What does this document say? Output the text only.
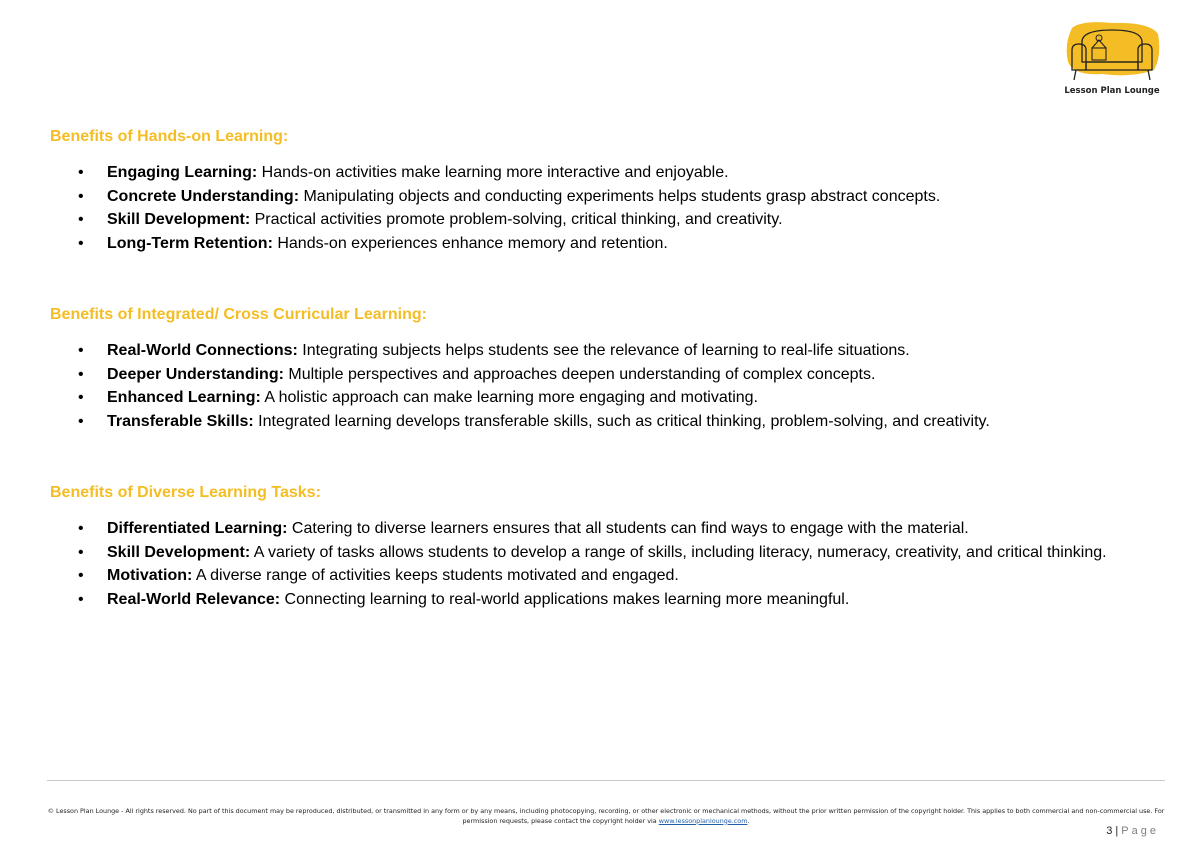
Lesson Plan Lounge
Benefits of Hands-on Learning:
• Engaging Learning: Hands-on activities make learning more interactive and enjoyable.
• Concrete Understanding: Manipulating objects and conducting experiments helps students grasp abstract concepts.
• Skill Development: Practical activities promote problem-solving, critical thinking, and creativity.
• Long-Term Retention: Hands-on experiences enhance memory and retention.
Benefits of Integrated/ Cross Curricular Learning:
• Real-World Connections: Integrating subjects helps students see the relevance of learning to real-life situations.
• Deeper Understanding: Multiple perspectives and approaches deepen understanding of complex concepts.
• Enhanced Learning: A holistic approach can make learning more engaging and motivating.
• Transferable Skills: Integrated learning develops transferable skills, such as critical thinking, problem-solving, and creativity.
Benefits of Diverse Learning Tasks:
• Differentiated Learning: Catering to diverse learners ensures that all students can find ways to engage with the material.
• Skill Development: A variety of tasks allows students to develop a range of skills, including literacy, numeracy, creativity, and critical thinking.
• Motivation: A diverse range of activities keeps students motivated and engaged.
• Real-World Relevance: Connecting learning to real-world applications makes learning more meaningful.
© Lesson Plan Lounge - All rights reserved. No part of this document may be reproduced, distributed, or transmitted in any form or by any means, including photocopying, recording, or other electronic or mechanical methods, without the prior written permission of the copyright holder. This applies to both commercial and non-commercial use. For permission requests, please contact the copyright holder via www.lessonplanlounge.com.
3 | Page
